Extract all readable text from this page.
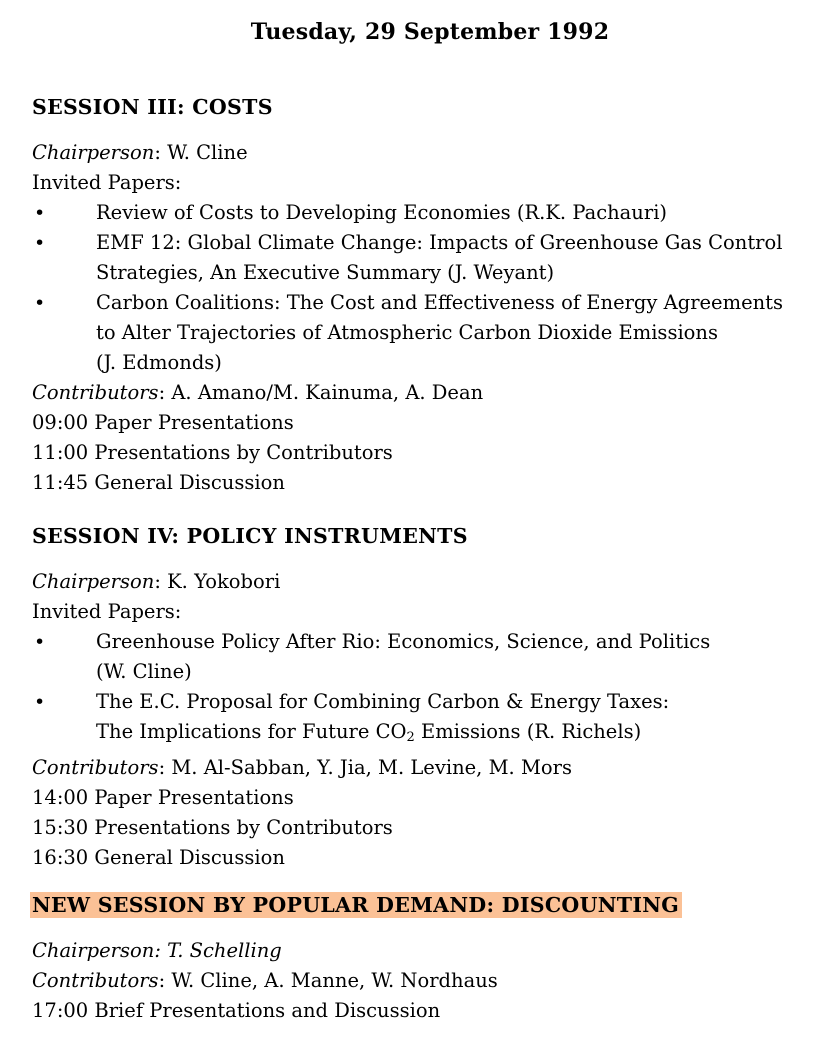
Tuesday, 29 September 1992
SESSION III: COSTS
Chairperson: W. Cline
Invited Papers:
•	Review of Costs to Developing Economies (R.K. Pachauri)
•	EMF 12: Global Climate Change: Impacts of Greenhouse Gas Control
Strategies, An Executive Summary (J. Weyant)
•	Carbon Coalitions: The Cost and Effectiveness of Energy Agreements
to Alter Trajectories of Atmospheric Carbon Dioxide Emissions
(J. Edmonds)
Contributors: A. Amano/M. Kainuma, A. Dean
09:00 Paper Presentations
11:00 Presentations by Contributors
11:45 General Discussion
SESSION IV: POLICY INSTRUMENTS
Chairperson: K. Yokobori
Invited Papers:
•	Greenhouse Policy After Rio: Economics, Science, and Politics
(W. Cline)
•	The E.C. Proposal for Combining Carbon & Energy Taxes:
The Implications for Future $CO_2$ Emissions (R. Richels)
Contributors: M. Al-Sabban, Y. Jia, M. Levine, M. Mors
14:00 Paper Presentations
15:30 Presentations by Contributors
16:30 General Discussion
NEW SESSION BY POPULAR DEMAND: DISCOUNTING
Chairperson: T. Schelling
Contributors: W. Cline, A. Manne, W. Nordhaus
17:00 Brief Presentations and Discussion
